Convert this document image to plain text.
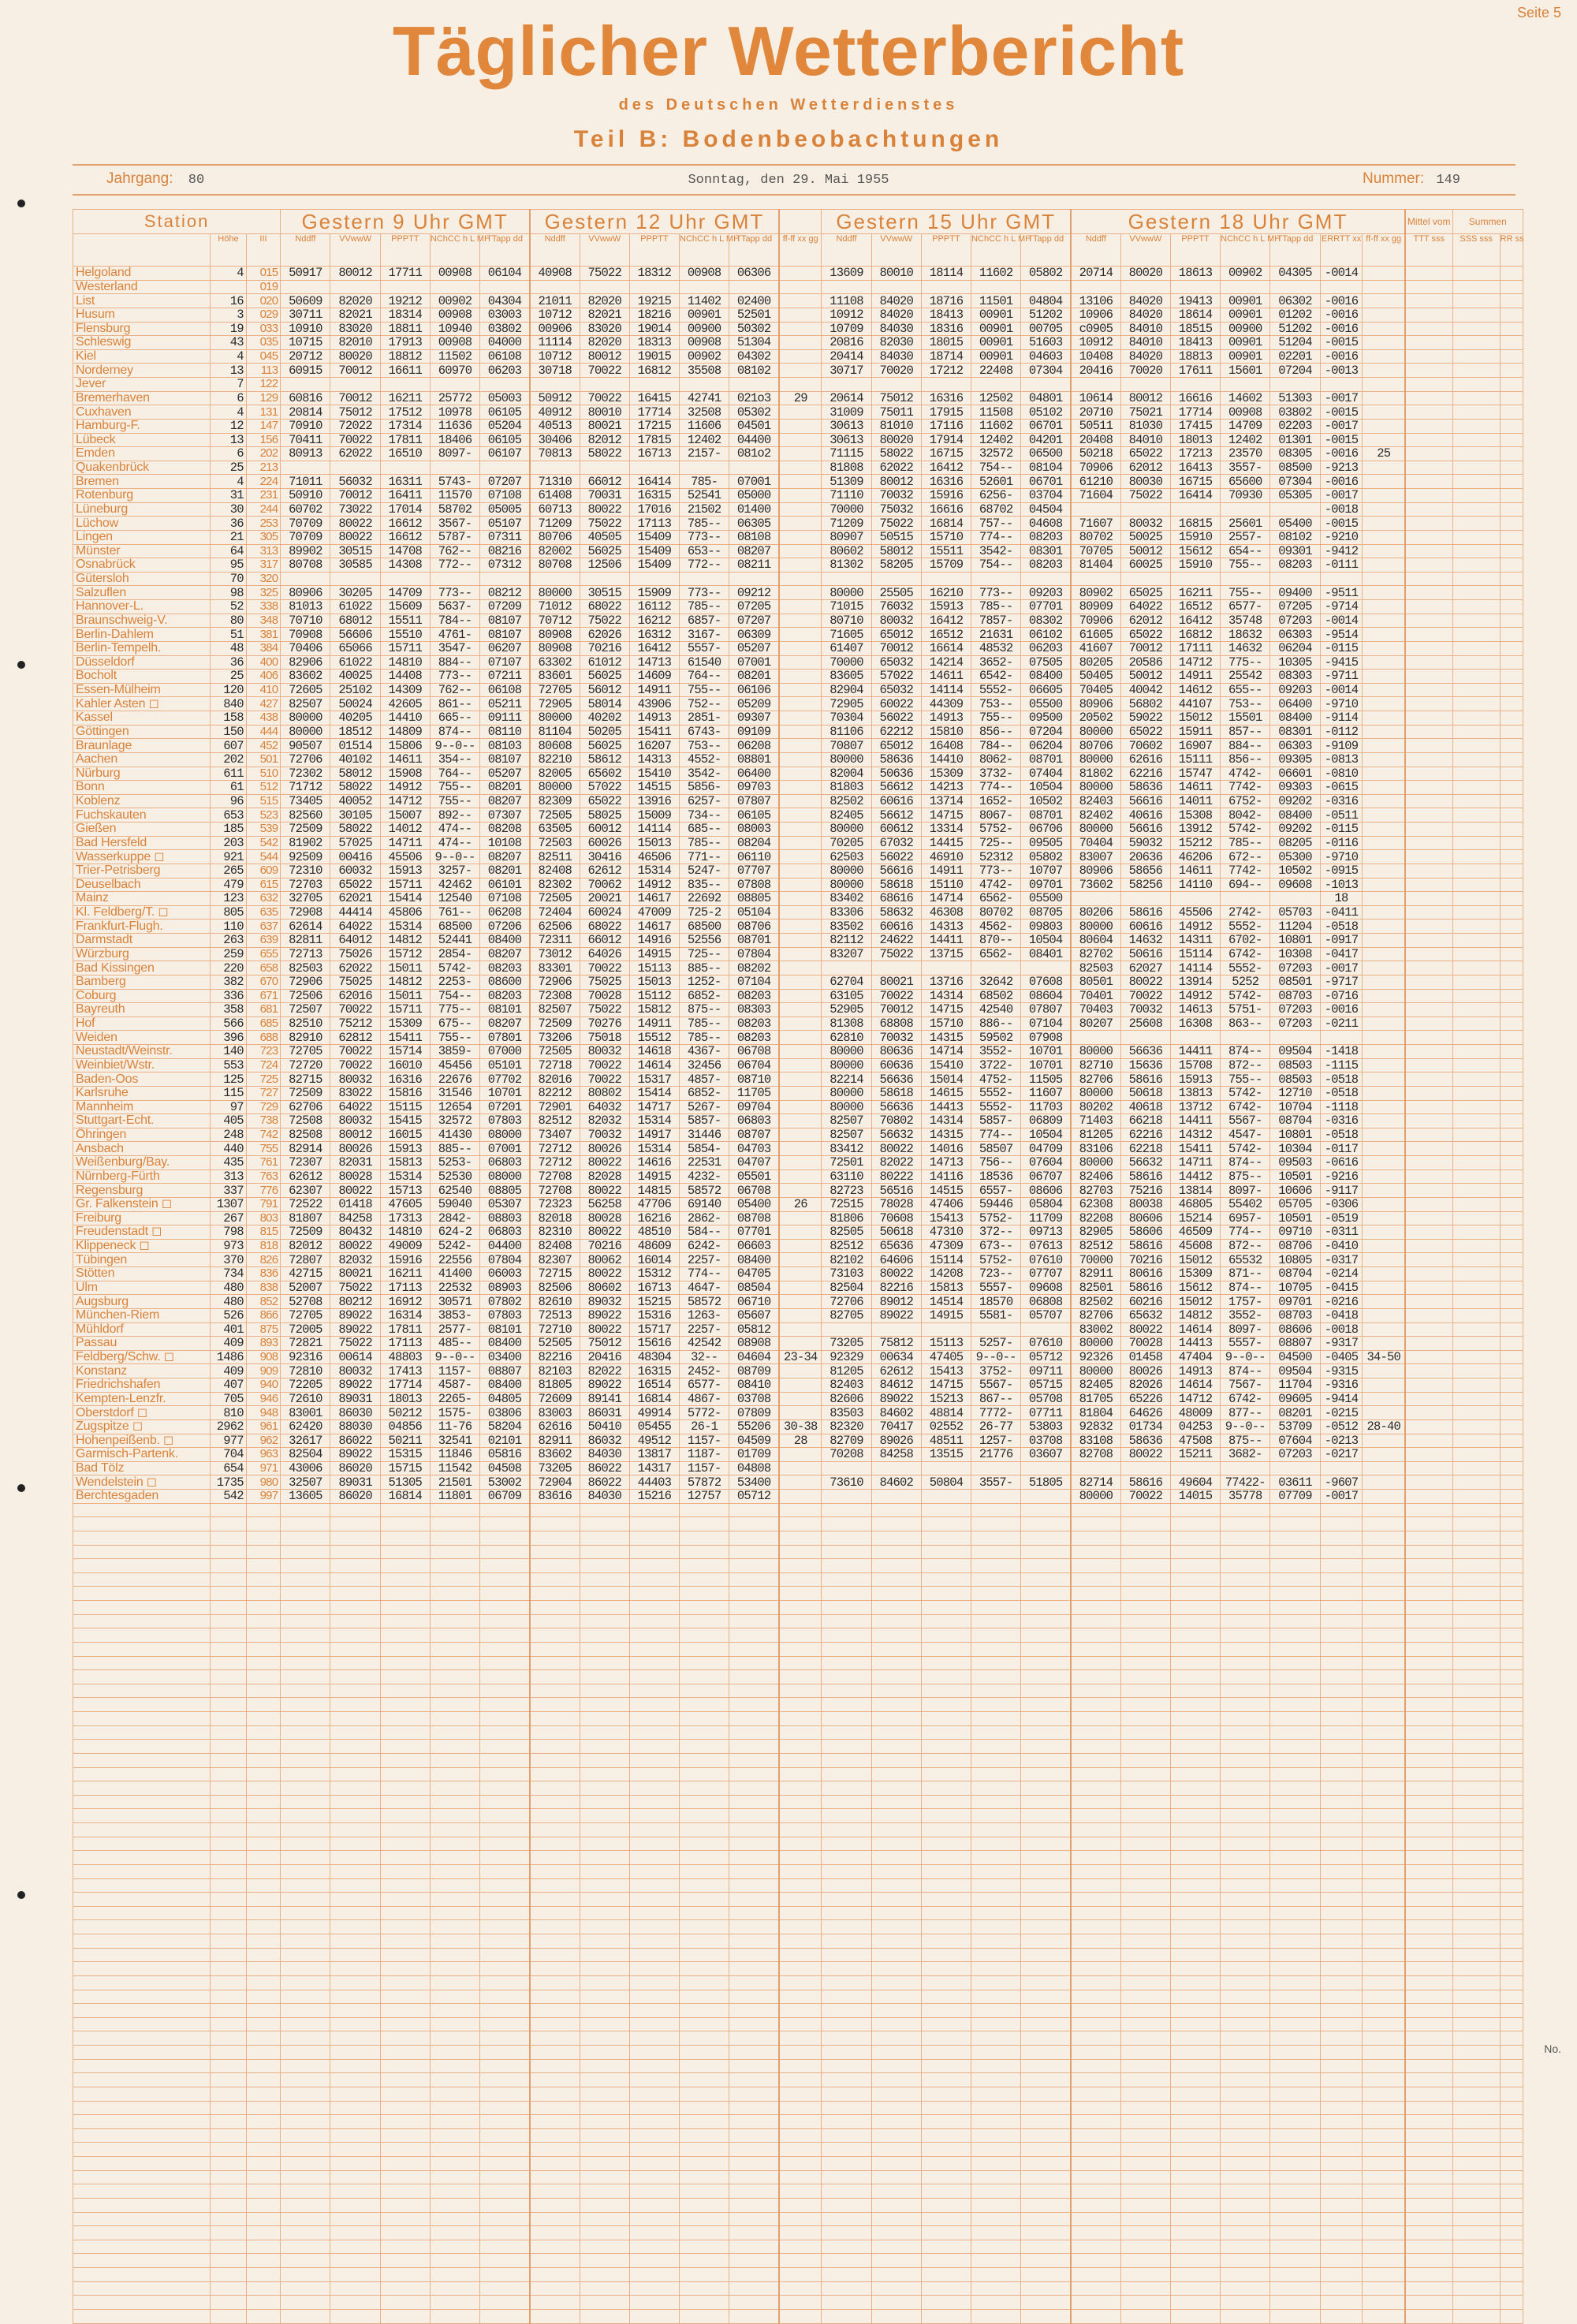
Seite 5
Täglicher Wetterbericht
des Deutschen Wetterdienstes
Teil B: Bodenbeobachtungen
Jahrgang: 80	Sonntag, den 29. Mai 1955	Nummer: 149
Station			Gestern 9 Uhr GMT					Gestern 12 Uhr GMT						Gestern 15 Uhr GMT					Gestern 18 Uhr GMT							Mittel vom	Summen	
	Höhe	III	Nddff	VVwwW	PPPTT	NChCC h L MH	TTapp dd	Nddff	VVwwW	PPPTT	NChCC h L MH	TTapp dd	ff-ff xx gg	Nddff	VVwwW	PPPTT	NChCC h L MH	TTapp dd	Nddff	VVwwW	PPPTT	NChCC h L MH	TTapp dd	ERRTT xx	ff-ff xx gg	TTT sss	SSS sss	RR ss
Helgoland	4	015	50917	80012	17711	00908	06104	40908	75022	18312	00908	06306		13609	80010	18114	11602	05802	20714	80020	18613	00902	04305	-0014				
Westerland		019																										
List	16	020	50609	82020	19212	00902	04304	21011	82020	19215	11402	02400		11108	84020	18716	11501	04804	13106	84020	19413	00901	06302	-0016				
Husum	3	029	30711	82021	18314	00908	03003	10712	82021	18216	00901	52501		10912	84020	18413	00901	51202	10906	84020	18614	00901	01202	-0016				
Flensburg	19	033	10910	83020	18811	10940	03802	00906	83020	19014	00900	50302		10709	84030	18316	00901	00705	c0905	84010	18515	00900	51202	-0016				
Schleswig	43	035	10715	82010	17913	00908	04000	11114	82020	18313	00908	51304		20816	82030	18015	00901	51603	10912	84010	18413	00901	51204	-0015				
Kiel	4	045	20712	80020	18812	11502	06108	10712	80012	19015	00902	04302		20414	84030	18714	00901	04603	10408	84020	18813	00901	02201	-0016				
Norderney	13	113	60915	70012	16611	60970	06203	30718	70022	16812	35508	08102		30717	70020	17212	22408	07304	20416	70020	17611	15601	07204	-0013				
Jever	7	122																										
Bremerhaven	6	129	60816	70012	16211	25772	05003	50912	70022	16415	42741	021o3	29	20614	75012	16316	12502	04801	10614	80012	16616	14602	51303	-0017				
Cuxhaven	4	131	20814	75012	17512	10978	06105	40912	80010	17714	32508	05302		31009	75011	17915	11508	05102	20710	75021	17714	00908	03802	-0015				
Hamburg-F.	12	147	70910	72022	17314	11636	05204	40513	80021	17215	11606	04501		30613	81010	17116	11602	06701	50511	81030	17415	14709	02203	-0017				
Lübeck	13	156	70411	70022	17811	18406	06105	30406	82012	17815	12402	04400		30613	80020	17914	12402	04201	20408	84010	18013	12402	01301	-0015				
Emden	6	202	80913	62022	16510	8097-	06107	70813	58022	16713	2157-	081o2		71115	58022	16715	32572	06500	50218	65022	17213	23570	08305	-0016	25			
Quakenbrück	25	213												81808	62022	16412	754--	08104	70906	62012	16413	3557-	08500	-9213				
Bremen	4	224	71011	56032	16311	5743-	07207	71310	66012	16414	785-	07001		51309	80012	16316	52601	06701	61210	80030	16715	65600	07304	-0016				
Rotenburg	31	231	50910	70012	16411	11570	07108	61408	70031	16315	52541	05000		71110	70032	15916	6256-	03704	71604	75022	16414	70930	05305	-0017				
Lüneburg	30	244	60702	73022	17014	58702	05005	60713	80022	17016	21502	01400		70000	75032	16616	68702	04504						-0018				
Lüchow	36	253	70709	80022	16612	3567-	05107	71209	75022	17113	785--	06305		71209	75022	16814	757--	04608	71607	80032	16815	25601	05400	-0015				
Lingen	21	305	70709	80022	16612	5787-	07311	80706	40505	15409	773--	08108		80907	50515	15710	774--	08203	80702	50025	15910	2557-	08102	-9210				
Münster	64	313	89902	30515	14708	762--	08216	82002	56025	15409	653--	08207		80602	58012	15511	3542-	08301	70705	50012	15612	654--	09301	-9412				
Osnabrück	95	317	80708	30585	14308	772--	07312	80708	12506	15409	772--	08211		81302	58205	15709	754--	08203	81404	60025	15910	755--	08203	-0111				
Gütersloh	70	320																										
Salzuflen	98	325	80906	30205	14709	773--	08212	80000	30515	15909	773--	09212		80000	25505	16210	773--	09203	80902	65025	16211	755--	09400	-9511				
Hannover-L.	52	338	81013	61022	15609	5637-	07209	71012	68022	16112	785--	07205		71015	76032	15913	785--	07701	80909	64022	16512	6577-	07205	-9714				
Braunschweig-V.	80	348	70710	68012	15511	784--	08107	70712	75022	16212	6857-	07207		80710	80032	16412	7857-	08302	70906	62012	16412	35748	07203	-0014				
Berlin-Dahlem	51	381	70908	56606	15510	4761-	08107	80908	62026	16312	3167-	06309		71605	65012	16512	21631	06102	61605	65022	16812	18632	06303	-9514				
Berlin-Tempelh.	48	384	70406	65066	15711	3547-	06207	80908	70216	16412	5557-	05207		61407	70012	16614	48532	06203	41607	70012	17111	14632	06204	-0115				
Düsseldorf	36	400	82906	61022	14810	884--	07107	63302	61012	14713	61540	07001		70000	65032	14214	3652-	07505	80205	20586	14712	775--	10305	-9415				
Bocholt	25	406	83602	40025	14408	773--	07211	83601	56025	14609	764--	08201		83605	57022	14611	6542-	08400	50405	50012	14911	25542	08303	-9711				
Essen-Mülheim	120	410	72605	25102	14309	762--	06108	72705	56012	14911	755--	06106		82904	65032	14114	5552-	06605	70405	40042	14612	655--	09203	-0014				
Kahler Asten ◻	840	427	82507	50024	42605	861--	05211	72905	58014	43906	752--	05209		72905	60022	44309	753--	05500	80906	56802	44107	753--	06400	-9710				
Kassel	158	438	80000	40205	14410	665--	09111	80000	40202	14913	2851-	09307		70304	56022	14913	755--	09500	20502	59022	15012	15501	08400	-9114				
Göttingen	150	444	80000	18512	14809	874--	08110	81104	50205	15411	6743-	09109		81106	62212	15810	856--	07204	80000	65022	15911	857--	08301	-0112				
Braunlage	607	452	90507	01514	15806	9--0--	08103	80608	56025	16207	753--	06208		70807	65012	16408	784--	06204	80706	70602	16907	884--	06303	-9109				
Aachen	202	501	72706	40102	14611	354--	08107	82210	58612	14313	4552-	08801		80000	58636	14410	8062-	08701	80000	62616	15111	856--	09305	-0813				
Nürburg	611	510	72302	58012	15908	764--	05207	82005	65602	15410	3542-	06400		82004	50636	15309	3732-	07404	81802	62216	15747	4742-	06601	-0810				
Bonn	61	512	71712	58022	14912	755--	08201	80000	57022	14515	5856-	09703		81803	56612	14213	774--	10504	80000	58636	14611	7742-	09303	-0615				
Koblenz	96	515	73405	40052	14712	755--	08207	82309	65022	13916	6257-	07807		82502	60616	13714	1652-	10502	82403	56616	14011	6752-	09202	-0316				
Fuchskauten	653	523	82560	30105	15007	892--	07307	72505	58025	15009	734--	06105		82405	56612	14715	8067-	08701	82402	40616	15308	8042-	08400	-0511				
Gießen	185	539	72509	58022	14012	474--	08208	63505	60012	14114	685--	08003		80000	60612	13314	5752-	06706	80000	56616	13912	5742-	09202	-0115				
Bad Hersfeld	203	542	81902	57025	14711	474--	10108	72503	60026	15013	785--	08204		70205	67032	14415	725--	09505	70404	59032	15212	785--	08205	-0116				
Wasserkuppe ◻	921	544	92509	00416	45506	9--0--	08207	82511	30416	46506	771--	06110		62503	56022	46910	52312	05802	83007	20636	46206	672--	05300	-9710				
Trier-Petrisberg	265	609	72310	60032	15913	3257-	08201	82408	62612	15314	5247-	07707		80000	56616	14911	773--	10707	80906	58656	14611	7742-	10502	-0915				
Deuselbach	479	615	72703	65022	15711	42462	06101	82302	70062	14912	835--	07808		80000	58618	15110	4742-	09701	73602	58256	14110	694--	09608	-1013				
Mainz	123	632	32705	62021	15414	12540	07108	72505	20021	14617	22692	08805		83402	68616	14714	6562-	05500						18				
Kl. Feldberg/T. ◻	805	635	72908	44414	45806	761--	06208	72404	60024	47009	725-2	05104		83306	58632	46308	80702	08705	80206	58616	45506	2742-	05703	-0411				
Frankfurt-Flugh.	110	637	62614	64022	15314	68500	07206	62506	68022	14617	68500	08706		83502	60616	14313	4562-	09803	80000	60616	14912	5552-	11204	-0518				
Darmstadt	263	639	82811	64012	14812	52441	08400	72311	66012	14916	52556	08701		82112	24622	14411	870--	10504	80604	14632	14311	6702-	10801	-0917				
Würzburg	259	655	72713	75026	15712	2854-	08207	73012	64026	14915	725--	07804		83207	75022	13715	6562-	08401	82702	50616	15114	6742-	10308	-0417				
Bad Kissingen	220	658	82503	62022	15011	5742-	08203	83301	70022	15113	885--	08202							82503	62027	14114	5552-	07203	-0017				
Bamberg	382	670	72906	75025	14812	2253-	08600	72906	75025	15013	1252-	07104		62704	80021	13716	32642	07608	80501	80022	13914	5252	08501	-9717				
Coburg	336	671	72506	62016	15011	754--	08203	72308	70028	15112	6852-	08203		63105	70022	14314	68502	08604	70401	70022	14912	5742-	08703	-0716				
Bayreuth	358	681	72507	70022	15711	775--	08101	82507	75022	15812	875--	08303		52905	70012	14715	42540	07807	70403	70032	14613	5751-	07203	-0016				
Hof	566	685	82510	75212	15309	675--	08207	72509	70276	14911	785--	08203		81308	68808	15710	886--	07104	80207	25608	16308	863--	07203	-0211				
Weiden	396	688	82910	62812	15411	755--	07801	73206	75018	15512	785--	08203		62810	70032	14315	59502	07908										
Neustadt/Weinstr.	140	723	72705	70022	15714	3859-	07000	72505	80032	14618	4367-	06708		80000	80636	14714	3552-	10701	80000	56636	14411	874--	09504	-1418				
Weinbiet/Wstr.	553	724	72720	70022	16010	45456	05101	72718	70022	14614	32456	06704		80000	60636	15410	3722-	10701	82710	15636	15708	872--	08503	-1115				
Baden-Oos	125	725	82715	80032	16316	22676	07702	82016	70022	15317	4857-	08710		82214	56636	15014	4752-	11505	82706	58616	15913	755--	08503	-0518				
Karlsruhe	115	727	72509	83022	15816	31546	10701	82212	80802	15414	6852-	11705		80000	58618	14615	5552-	11607	80000	50618	13813	5742-	12710	-0518				
Mannheim	97	729	62706	64022	15115	12654	07201	72901	64032	14717	5267-	09704		80000	56636	14413	5552-	11703	80202	40618	13712	6742-	10704	-1118				
Stuttgart-Echt.	405	738	72508	80032	15415	32572	07803	82512	82032	15314	5857-	06803		82507	70802	14314	5857-	06809	71403	66218	14411	5567-	08704	-0316				
Öhringen	248	742	82508	80012	16015	41430	08000	73407	70032	14917	31446	08707		82507	56632	14315	774--	10504	81205	62216	14312	4547-	10801	-0518				
Ansbach	440	755	82914	80026	15913	885--	07001	72712	80026	15314	5854-	04703		83412	80022	14016	58507	04709	83106	62218	15411	5742-	10304	-0117				
Weißenburg/Bay.	435	761	72307	82031	15813	5253-	06803	72712	80022	14616	22531	04707		72501	82022	14713	756--	07604	80000	56632	14711	874--	09503	-0616				
Nürnberg-Fürth	313	763	62612	80028	15314	52530	08000	72708	82028	14915	4232-	05501		63110	80222	14116	18536	06707	82406	58616	14412	875--	10501	-9216				
Regensburg	337	776	62307	80022	15713	62540	08805	72708	80022	14815	58572	06708		82723	56516	14515	6557-	08606	82703	75216	13814	8097-	10606	-9117				
Gr. Falkenstein ◻	1307	791	72522	01418	47605	59040	05307	72323	56258	47706	69140	05400	26	72515	78028	47406	59446	05804	62308	80038	46805	55402	05705	-0306				
Freiburg	267	803	81807	84258	17313	2842-	08803	82018	80028	16216	2862-	08708		81806	70608	15413	5752-	11709	82208	80606	15214	6957-	10501	-0519				
Freudenstadt ◻	798	815	72509	80432	14810	624-2	06803	82310	80022	48510	584--	07701		82505	50618	47310	372--	09713	82905	58606	46509	774--	09710	-0311				
Klippeneck ◻	973	818	82012	80022	49009	5242-	04400	82408	70216	48609	6242-	06603		82512	65636	47309	673--	07613	82512	58616	45608	872--	08706	-0410				
Tübingen	370	826	72807	82032	15916	22556	07804	82307	80062	16014	2257-	08400		82102	64606	15114	5752-	07610	70000	70216	15012	65532	10805	-0317				
Stötten	734	836	42715	80021	16211	41400	06003	72715	80022	15312	774--	04705		73103	80022	14208	723--	07707	82911	80616	15309	871--	08704	-0214				
Ulm	480	838	52007	75022	17113	22532	08903	82506	80602	16713	4647-	08504		82504	82216	15813	5557-	09608	82501	58616	15612	874--	10705	-0415				
Augsburg	480	852	52708	80212	16912	30571	07802	82610	89032	15215	58572	06710		72706	89012	14514	18570	06808	82502	60216	15012	1757-	09701	-0216				
München-Riem	526	866	72705	89022	16314	3853-	07803	72513	89022	15316	1263-	05607		82705	89022	14915	5581-	05707	82706	65632	14812	3552-	08703	-0418				
Mühldorf	401	875	72005	89022	17811	2577-	08101	72710	80022	15717	2257-	05812							83002	80022	14614	8097-	08606	-0018				
Passau	409	893	72821	75022	17113	485--	08400	52505	75012	15616	42542	08908		73205	75812	15113	5257-	07610	80000	70028	14413	5557-	08807	-9317				
Feldberg/Schw. ◻	1486	908	92316	00614	48803	9--0--	03400	82216	20416	48304	32--	04604	23-34	92329	00634	47405	9--0--	05712	92326	01458	47404	9--0--	04500	-0405	34-50			
Konstanz	409	909	72810	80032	17413	1157-	08807	82103	82022	16315	2452-	08709		81205	62612	15413	3752-	09711	80000	80026	14913	874--	09504	-9315				
Friedrichshafen	407	940	72205	89022	17714	4587-	08400	81805	89022	16514	6577-	08410		82403	84612	14715	5567-	05715	82405	82026	14614	7567-	11704	-9316				
Kempten-Lenzfr.	705	946	72610	89031	18013	2265-	04805	72609	89141	16814	4867-	03708		82606	89022	15213	867--	05708	81705	65226	14712	6742-	09605	-9414				
Oberstdorf ◻	810	948	83001	86030	50212	1575-	03806	83003	86031	49914	5772-	07809		83503	84602	48814	7772-	07711	81804	64626	48009	877--	08201	-0215				
Zugspitze ◻	2962	961	62420	88030	04856	11-76	58204	62616	50410	05455	26-1	55206	30-38	82320	70417	02552	26-77	53803	92832	01734	04253	9--0--	53709	-0512	28-40			
Hohenpeißenb. ◻	977	962	32617	86022	50211	32541	02101	82911	86032	49512	1157-	04509	28	82709	89026	48511	1257-	03708	83108	58636	47508	875--	07604	-0213				
Garmisch-Partenk.	704	963	82504	89022	15315	11846	05816	83602	84030	13817	1187-	01709		70208	84258	13515	21776	03607	82708	80022	15211	3682-	07203	-0217				
Bad Tölz	654	971	43006	86020	15715	11542	04508	73205	86022	14317	1157-	04808																
Wendelstein ◻	1735	980	32507	89031	51305	21501	53002	72904	86022	44403	57872	53400		73610	84602	50804	3557-	51805	82714	58616	49604	77422-	03611	-9607				
Berchtesgaden	542	997	13605	86020	16814	11801	06709	83616	84030	15216	12757	05712							80000	70022	14015	35778	07709	-0017				

No.
